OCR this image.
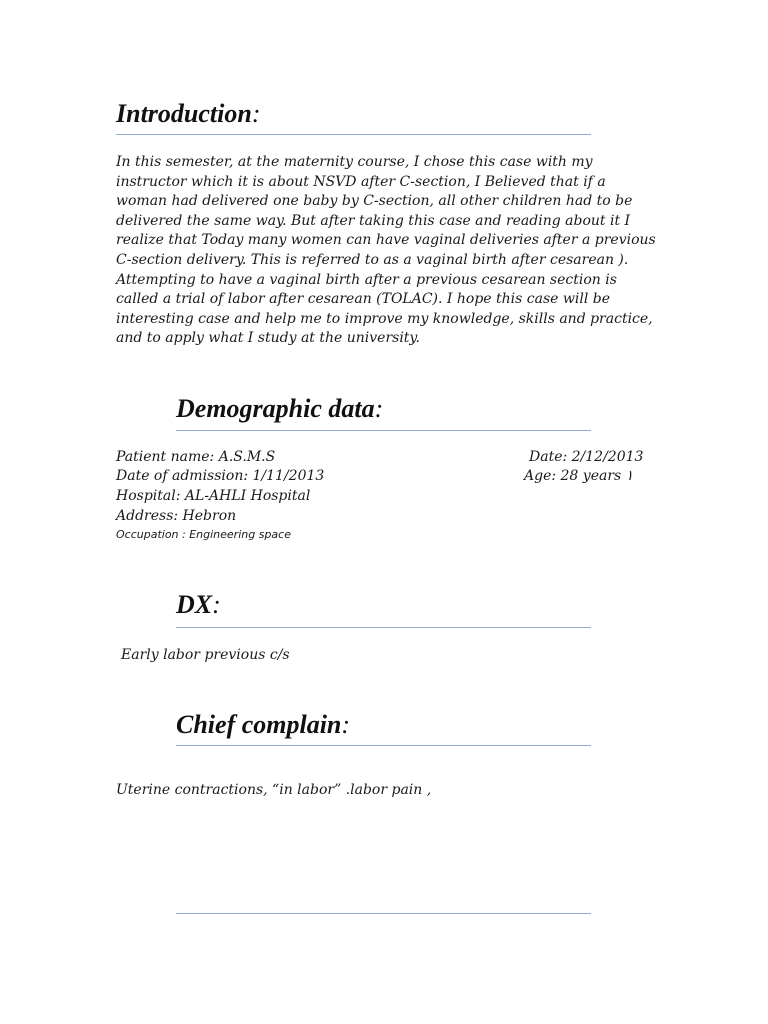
Introduction:

In this semester, at the maternity course, I chose this case with my instructor which it is about NSVD after C-section, I Believed that if a woman had delivered one baby by C-section, all other children had to be delivered the same way. But after taking this case and reading about it I realize that Today many women can have vaginal deliveries after a previous C-section delivery. This is referred to as a vaginal birth after cesarean ). Attempting to have a vaginal birth after a previous cesarean section is called a trial of labor after cesarean (TOLAC). I hope this case will be interesting case and help me to improve my knowledge, skills and practice, and to apply what I study at the university.

Demographic data:

Patient name: A.S.M.S	Date: 2/12/2013

Date of admission: 1/11/2013	Age: 28 years ١

Hospital: AL-AHLI Hospital

Address: Hebron

Occupation : Engineering space

DX:

Early labor previous c/s

Chief complain:

Uterine contractions, “in labor” .labor pain ,
